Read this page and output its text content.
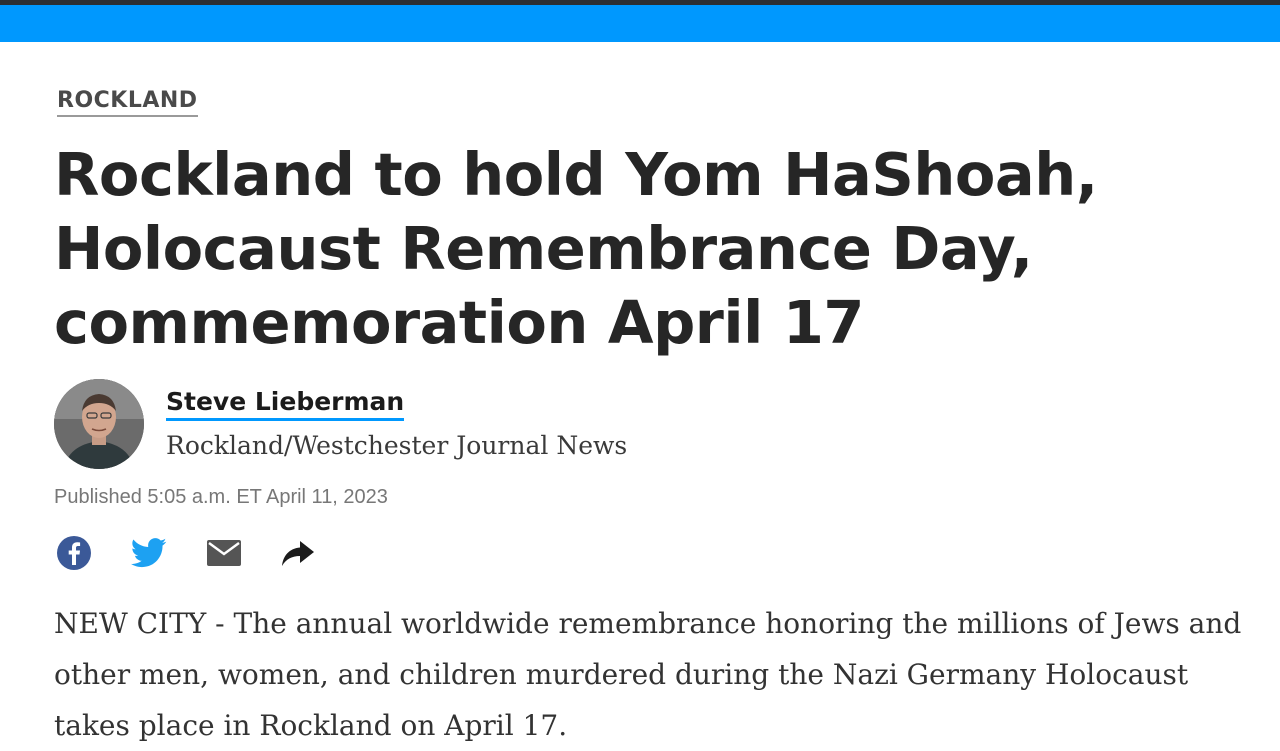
ROCKLAND
Rockland to hold Yom HaShoah, Holocaust Remembrance Day, commemoration April 17
Steve Lieberman
Rockland/Westchester Journal News
Published 5:05 a.m. ET April 11, 2023

NEW CITY - The annual worldwide remembrance honoring the millions of Jews and other men, women, and children murdered during the Nazi Germany Holocaust takes place in Rockland on April 17.
